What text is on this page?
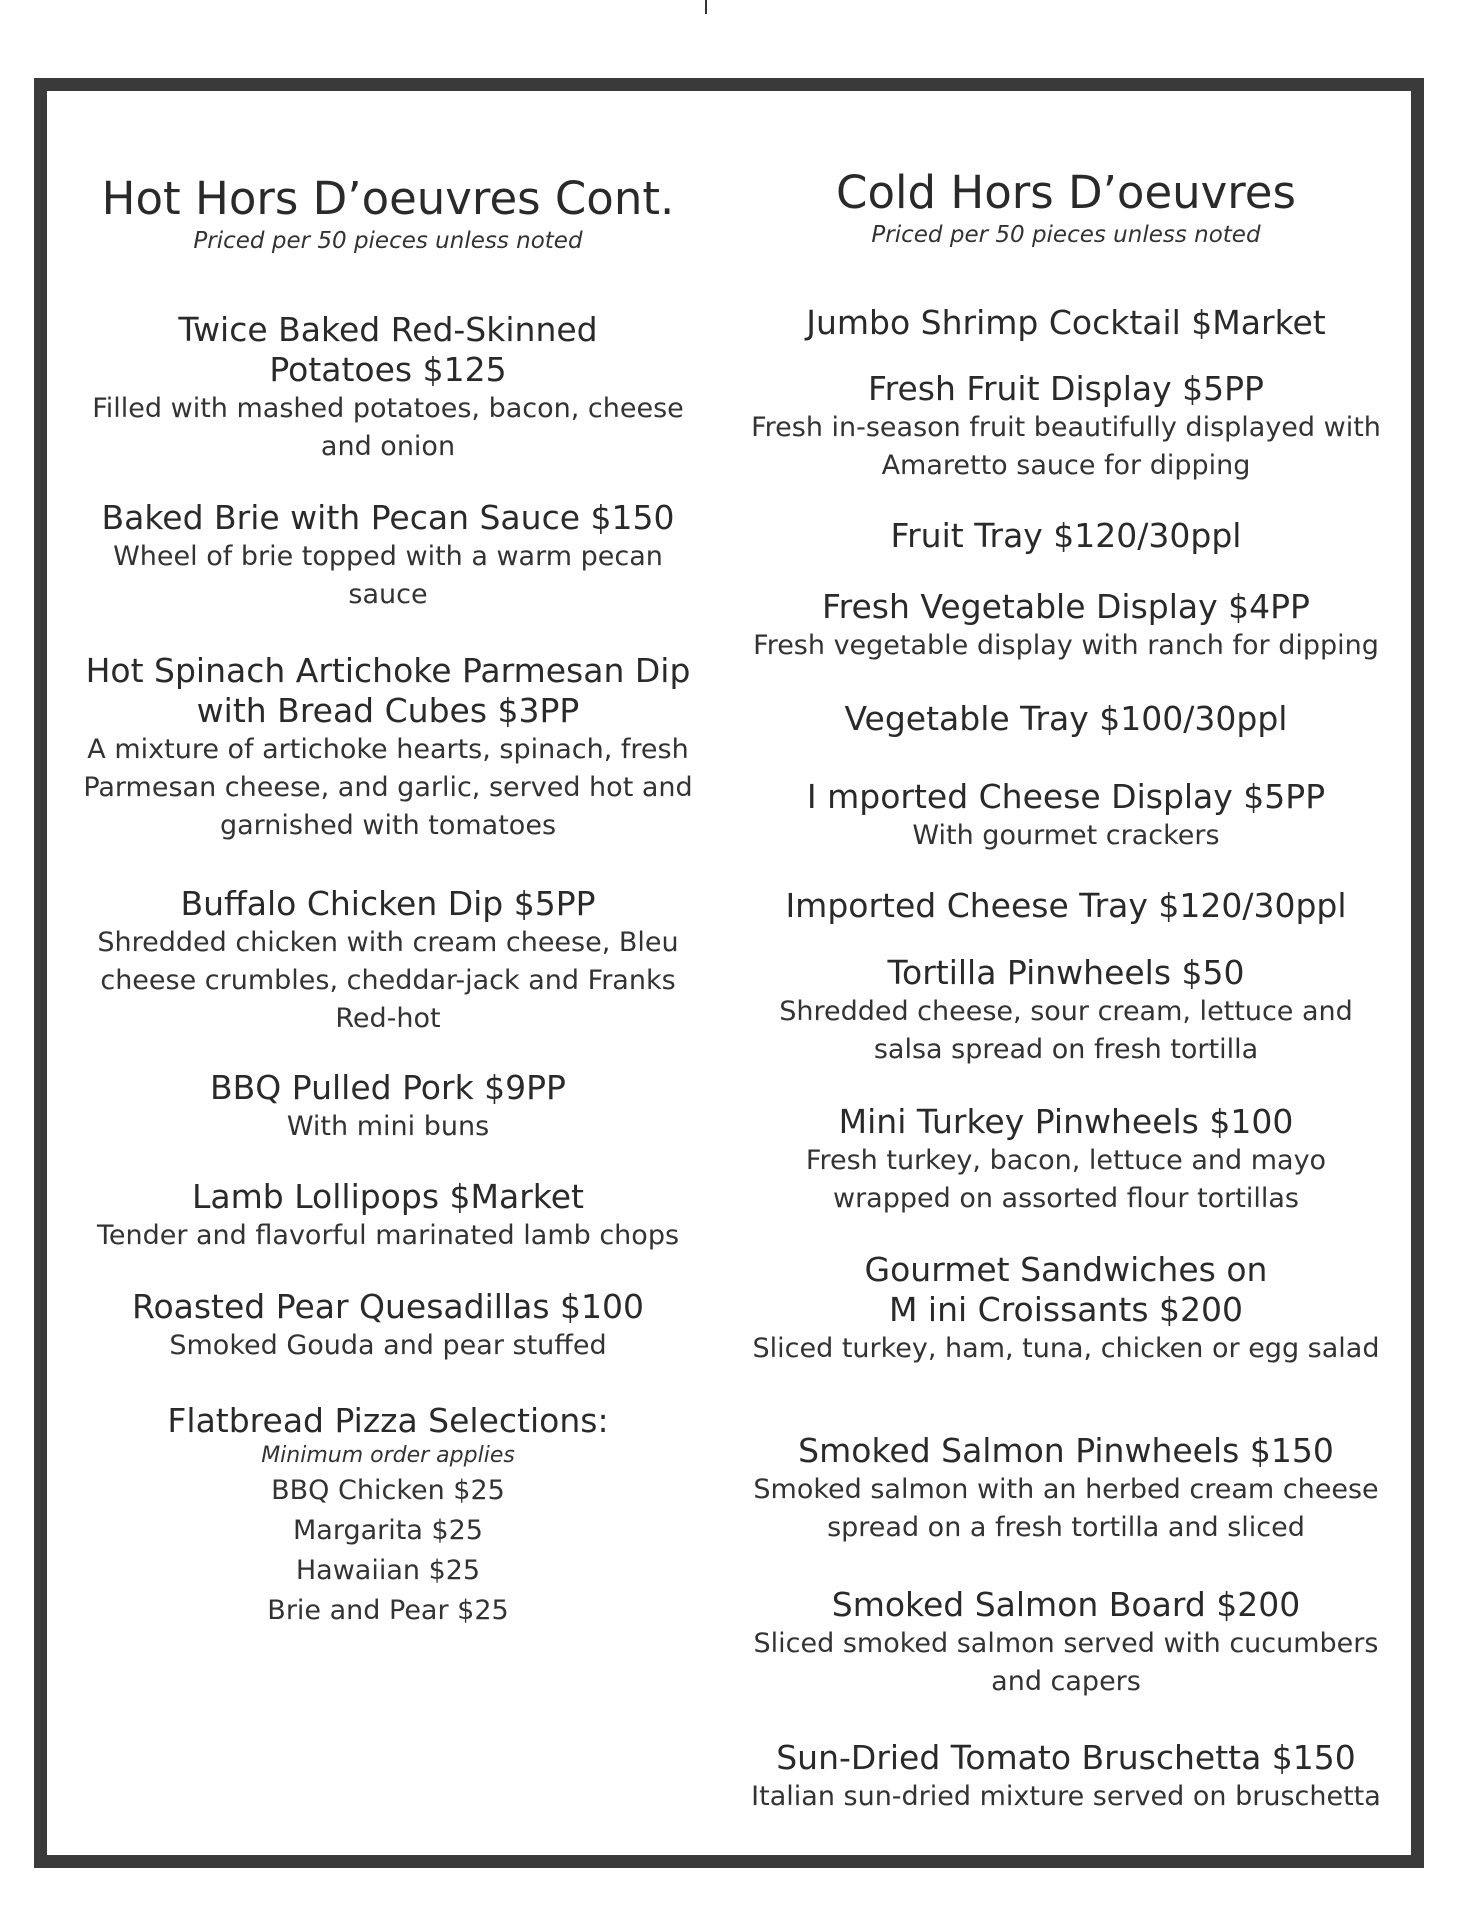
Hot Hors D’oeuvres Cont.
Priced per 50 pieces unless noted
Twice Baked Red-Skinned Potatoes $125
Filled with mashed potatoes, bacon, cheese and onion
Baked Brie with Pecan Sauce $150
Wheel of brie topped with a warm pecan sauce
Hot Spinach Artichoke Parmesan Dip with Bread Cubes $3PP
A mixture of artichoke hearts, spinach, fresh Parmesan cheese, and garlic, served hot and garnished with tomatoes
Buffalo Chicken Dip $5PP
Shredded chicken with cream cheese, Bleu cheese crumbles, cheddar-jack and Franks Red-hot
BBQ Pulled Pork $9PP
With mini buns
Lamb Lollipops $Market
Tender and flavorful marinated lamb chops
Roasted Pear Quesadillas $100
Smoked Gouda and pear stuffed
Flatbread Pizza Selections:
Minimum order applies
BBQ Chicken $25
Margarita $25
Hawaiian $25
Brie and Pear $25
Cold Hors D’oeuvres
Priced per 50 pieces unless noted
Jumbo Shrimp Cocktail $Market
Fresh Fruit Display $5PP
Fresh in-season fruit beautifully displayed with Amaretto sauce for dipping
Fruit Tray $120/30ppl
Fresh Vegetable Display $4PP
Fresh vegetable display with ranch for dipping
Vegetable Tray $100/30ppl
I mported Cheese Display $5PP
With gourmet crackers
Imported Cheese Tray $120/30ppl
Tortilla Pinwheels $50
Shredded cheese, sour cream, lettuce and salsa spread on fresh tortilla
Mini Turkey Pinwheels $100
Fresh turkey, bacon, lettuce and mayo wrapped on assorted flour tortillas
Gourmet Sandwiches on M ini Croissants $200
Sliced turkey, ham, tuna, chicken or egg salad
Smoked Salmon Pinwheels $150
Smoked salmon with an herbed cream cheese spread on a fresh tortilla and sliced
Smoked Salmon Board $200
Sliced smoked salmon served with cucumbers and capers
Sun-Dried Tomato Bruschetta $150
Italian sun-dried mixture served on bruschetta
